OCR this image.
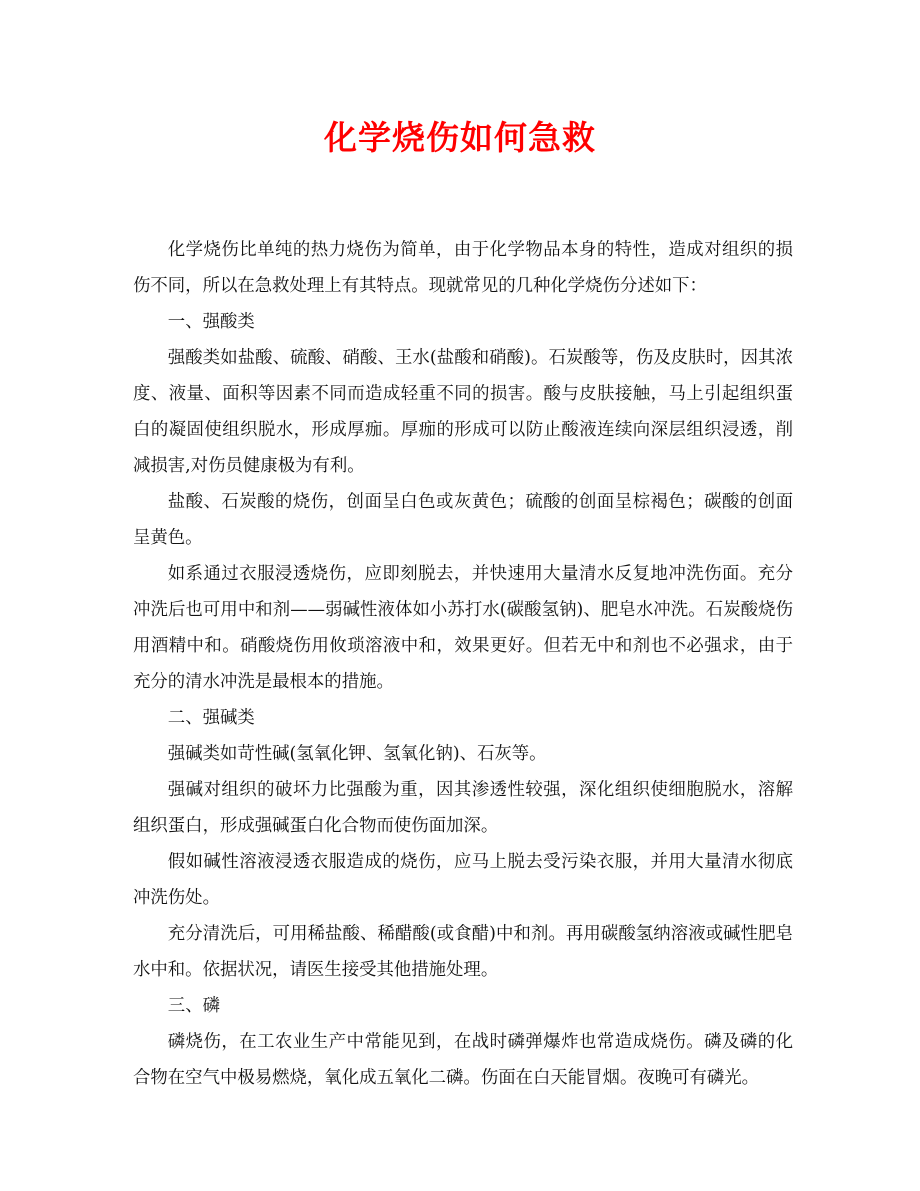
化学烧伤如何急救

化学烧伤比单纯的热力烧伤为简单，由于化学物品本身的特性，造成对组织的损伤不同，所以在急救处理上有其特点。现就常见的几种化学烧伤分述如下：

一、强酸类

强酸类如盐酸、硫酸、硝酸、王水(盐酸和硝酸)。石炭酸等，伤及皮肤时，因其浓度、液量、面积等因素不同而造成轻重不同的损害。酸与皮肤接触，马上引起组织蛋白的凝固使组织脱水，形成厚痂。厚痂的形成可以防止酸液连续向深层组织浸透，削减损害,对伤员健康极为有利。

盐酸、石炭酸的烧伤，创面呈白色或灰黄色；硫酸的创面呈棕褐色；碳酸的创面呈黄色。

如系通过衣服浸透烧伤，应即刻脱去，并快速用大量清水反复地冲洗伤面。充分冲洗后也可用中和剂——弱碱性液体如小苏打水(碳酸氢钠)、肥皂水冲洗。石炭酸烧伤用酒精中和。硝酸烧伤用攸琐溶液中和，效果更好。但若无中和剂也不必强求，由于充分的清水冲洗是最根本的措施。

二、强碱类

强碱类如苛性碱(氢氧化钾、氢氧化钠)、石灰等。

强碱对组织的破坏力比强酸为重，因其渗透性较强，深化组织使细胞脱水，溶解组织蛋白，形成强碱蛋白化合物而使伤面加深。

假如碱性溶液浸透衣服造成的烧伤，应马上脱去受污染衣服，并用大量清水彻底冲洗伤处。

充分清洗后，可用稀盐酸、稀醋酸(或食醋)中和剂。再用碳酸氢纳溶液或碱性肥皂水中和。依据状况，请医生接受其他措施处理。

三、磷

磷烧伤，在工农业生产中常能见到，在战时磷弹爆炸也常造成烧伤。磷及磷的化合物在空气中极易燃烧，氧化成五氧化二磷。伤面在白天能冒烟。夜晚可有磷光。
